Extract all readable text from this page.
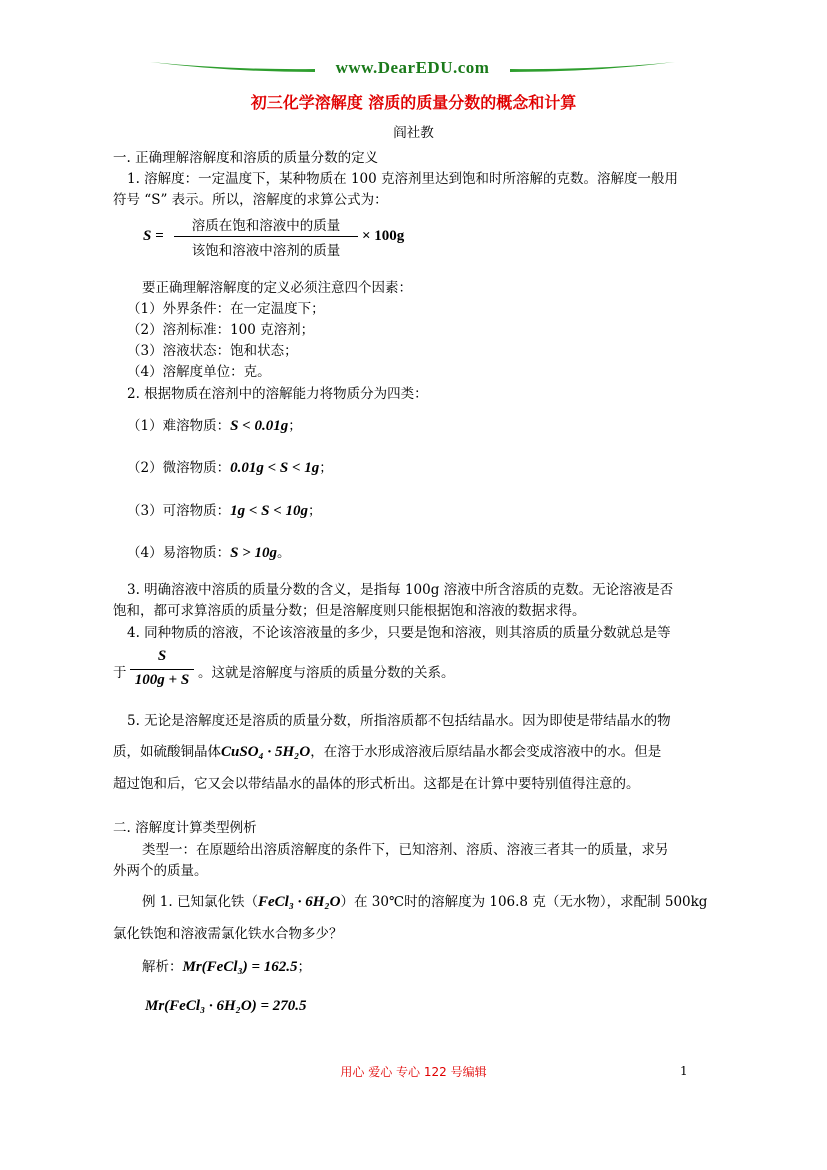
www.DearEDU.com
初三化学溶解度 溶质的质量分数的概念和计算
阎社教
一. 正确理解溶解度和溶质的质量分数的定义
1. 溶解度：一定温度下，某种物质在 100 克溶剂里达到饱和时所溶解的克数。溶解度一般用
符号 “S” 表示。所以，溶解度的求算公式为：
S =
溶质在饱和溶液中的质量
该饱和溶液中溶剂的质量
× 100g
要正确理解溶解度的定义必须注意四个因素：
（1）外界条件：在一定温度下；
（2）溶剂标准：100 克溶剂；
（3）溶液状态：饱和状态；
（4）溶解度单位：克。
2. 根据物质在溶剂中的溶解能力将物质分为四类：
（1）难溶物质：S < 0.01g；
（2）微溶物质：0.01g < S < 1g；
（3）可溶物质：1g < S < 10g；
（4）易溶物质：S > 10g。
3. 明确溶液中溶质的质量分数的含义，是指每 100g 溶液中所含溶质的克数。无论溶液是否
饱和，都可求算溶质的质量分数；但是溶解度则只能根据饱和溶液的数据求得。
4. 同种物质的溶液，不论该溶液量的多少，只要是饱和溶液，则其溶质的质量分数就总是等
于
S
100g + S 。这就是溶解度与溶质的质量分数的关系。
5. 无论是溶解度还是溶质的质量分数，所指溶质都不包括结晶水。因为即使是带结晶水的物
质，如硫酸铜晶体CuSO₄ · 5H₂O，在溶于水形成溶液后原结晶水都会变成溶液中的水。但是
超过饱和后，它又会以带结晶水的晶体的形式析出。这都是在计算中要特别值得注意的。
二. 溶解度计算类型例析
类型一：在原题给出溶质溶解度的条件下，已知溶剂、溶质、溶液三者其一的质量，求另
外两个的质量。
例 1. 已知氯化铁（FeCl₃ · 6H₂O）在 30℃时的溶解度为 106.8 克（无水物），求配制 500kg
氯化铁饱和溶液需氯化铁水合物多少？
解析：Mr(FeCl₃) = 162.5；
Mr(FeCl₃ · 6H₂O) = 270.5
用心 爱心 专心 122 号编辑	1
